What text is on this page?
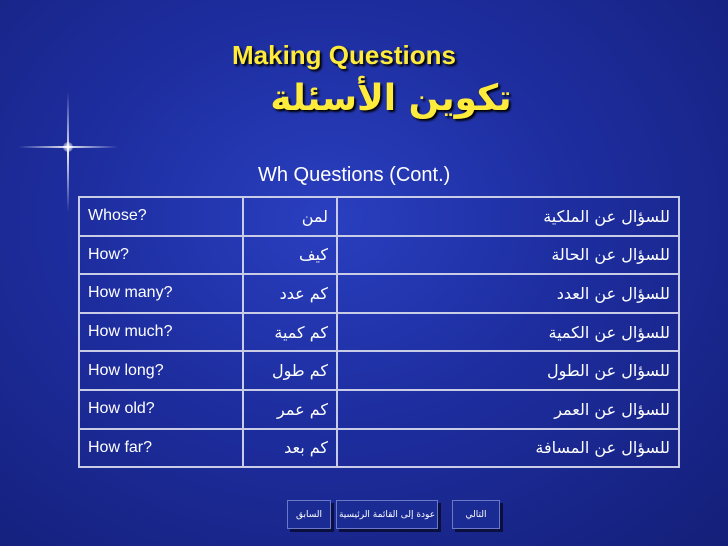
Making Questions
تكوين الأسئلة
Wh Questions (Cont.)
Whose?	لمن	للسؤال عن الملكية
How?	كيف	للسؤال عن الحالة
How many?	كم عدد	للسؤال عن العدد
How much?	كم كمية	للسؤال عن الكمية
How long?	كم طول	للسؤال عن الطول
How old?	كم عمر	للسؤال عن العمر
How far?	كم بعد	للسؤال عن المسافة
السابق	عودة إلى القائمة الرئيسية	التالي
